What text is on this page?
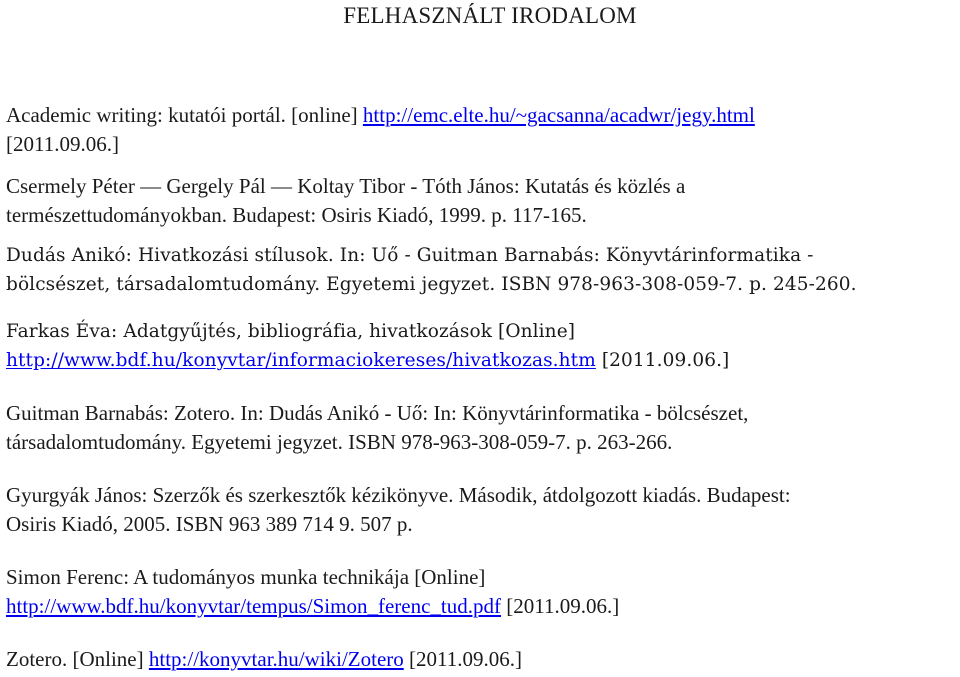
FELHASZNÁLT IRODALOM
Academic writing: kutatói portál. [online] http://emc.elte.hu/~gacsanna/acadwr/jegy.html
[2011.09.06.]
Csermely Péter — Gergely Pál — Koltay Tibor - Tóth János: Kutatás és közlés a
természettudományokban. Budapest: Osiris Kiadó, 1999. p. 117-165.
Dudás Anikó: Hivatkozási stílusok. In: Uő - Guitman Barnabás: Könyvtárinformatika -
bölcsészet, társadalomtudomány. Egyetemi jegyzet. ISBN 978-963-308-059-7. p. 245-260.
Farkas Éva: Adatgyűjtés, bibliográfia, hivatkozások [Online]
http://www.bdf.hu/konyvtar/informaciokereses/hivatkozas.htm [2011.09.06.]
Guitman Barnabás: Zotero. In: Dudás Anikó - Uő: In: Könyvtárinformatika - bölcsészet,
társadalomtudomány. Egyetemi jegyzet. ISBN 978-963-308-059-7. p. 263-266.
Gyurgyák János: Szerzők és szerkesztők kézikönyve. Második, átdolgozott kiadás. Budapest:
Osiris Kiadó, 2005. ISBN 963 389 714 9. 507 p.
Simon Ferenc: A tudományos munka technikája [Online]
http://www.bdf.hu/konyvtar/tempus/Simon_ferenc_tud.pdf [2011.09.06.]
Zotero. [Online] http://konyvtar.hu/wiki/Zotero [2011.09.06.]
